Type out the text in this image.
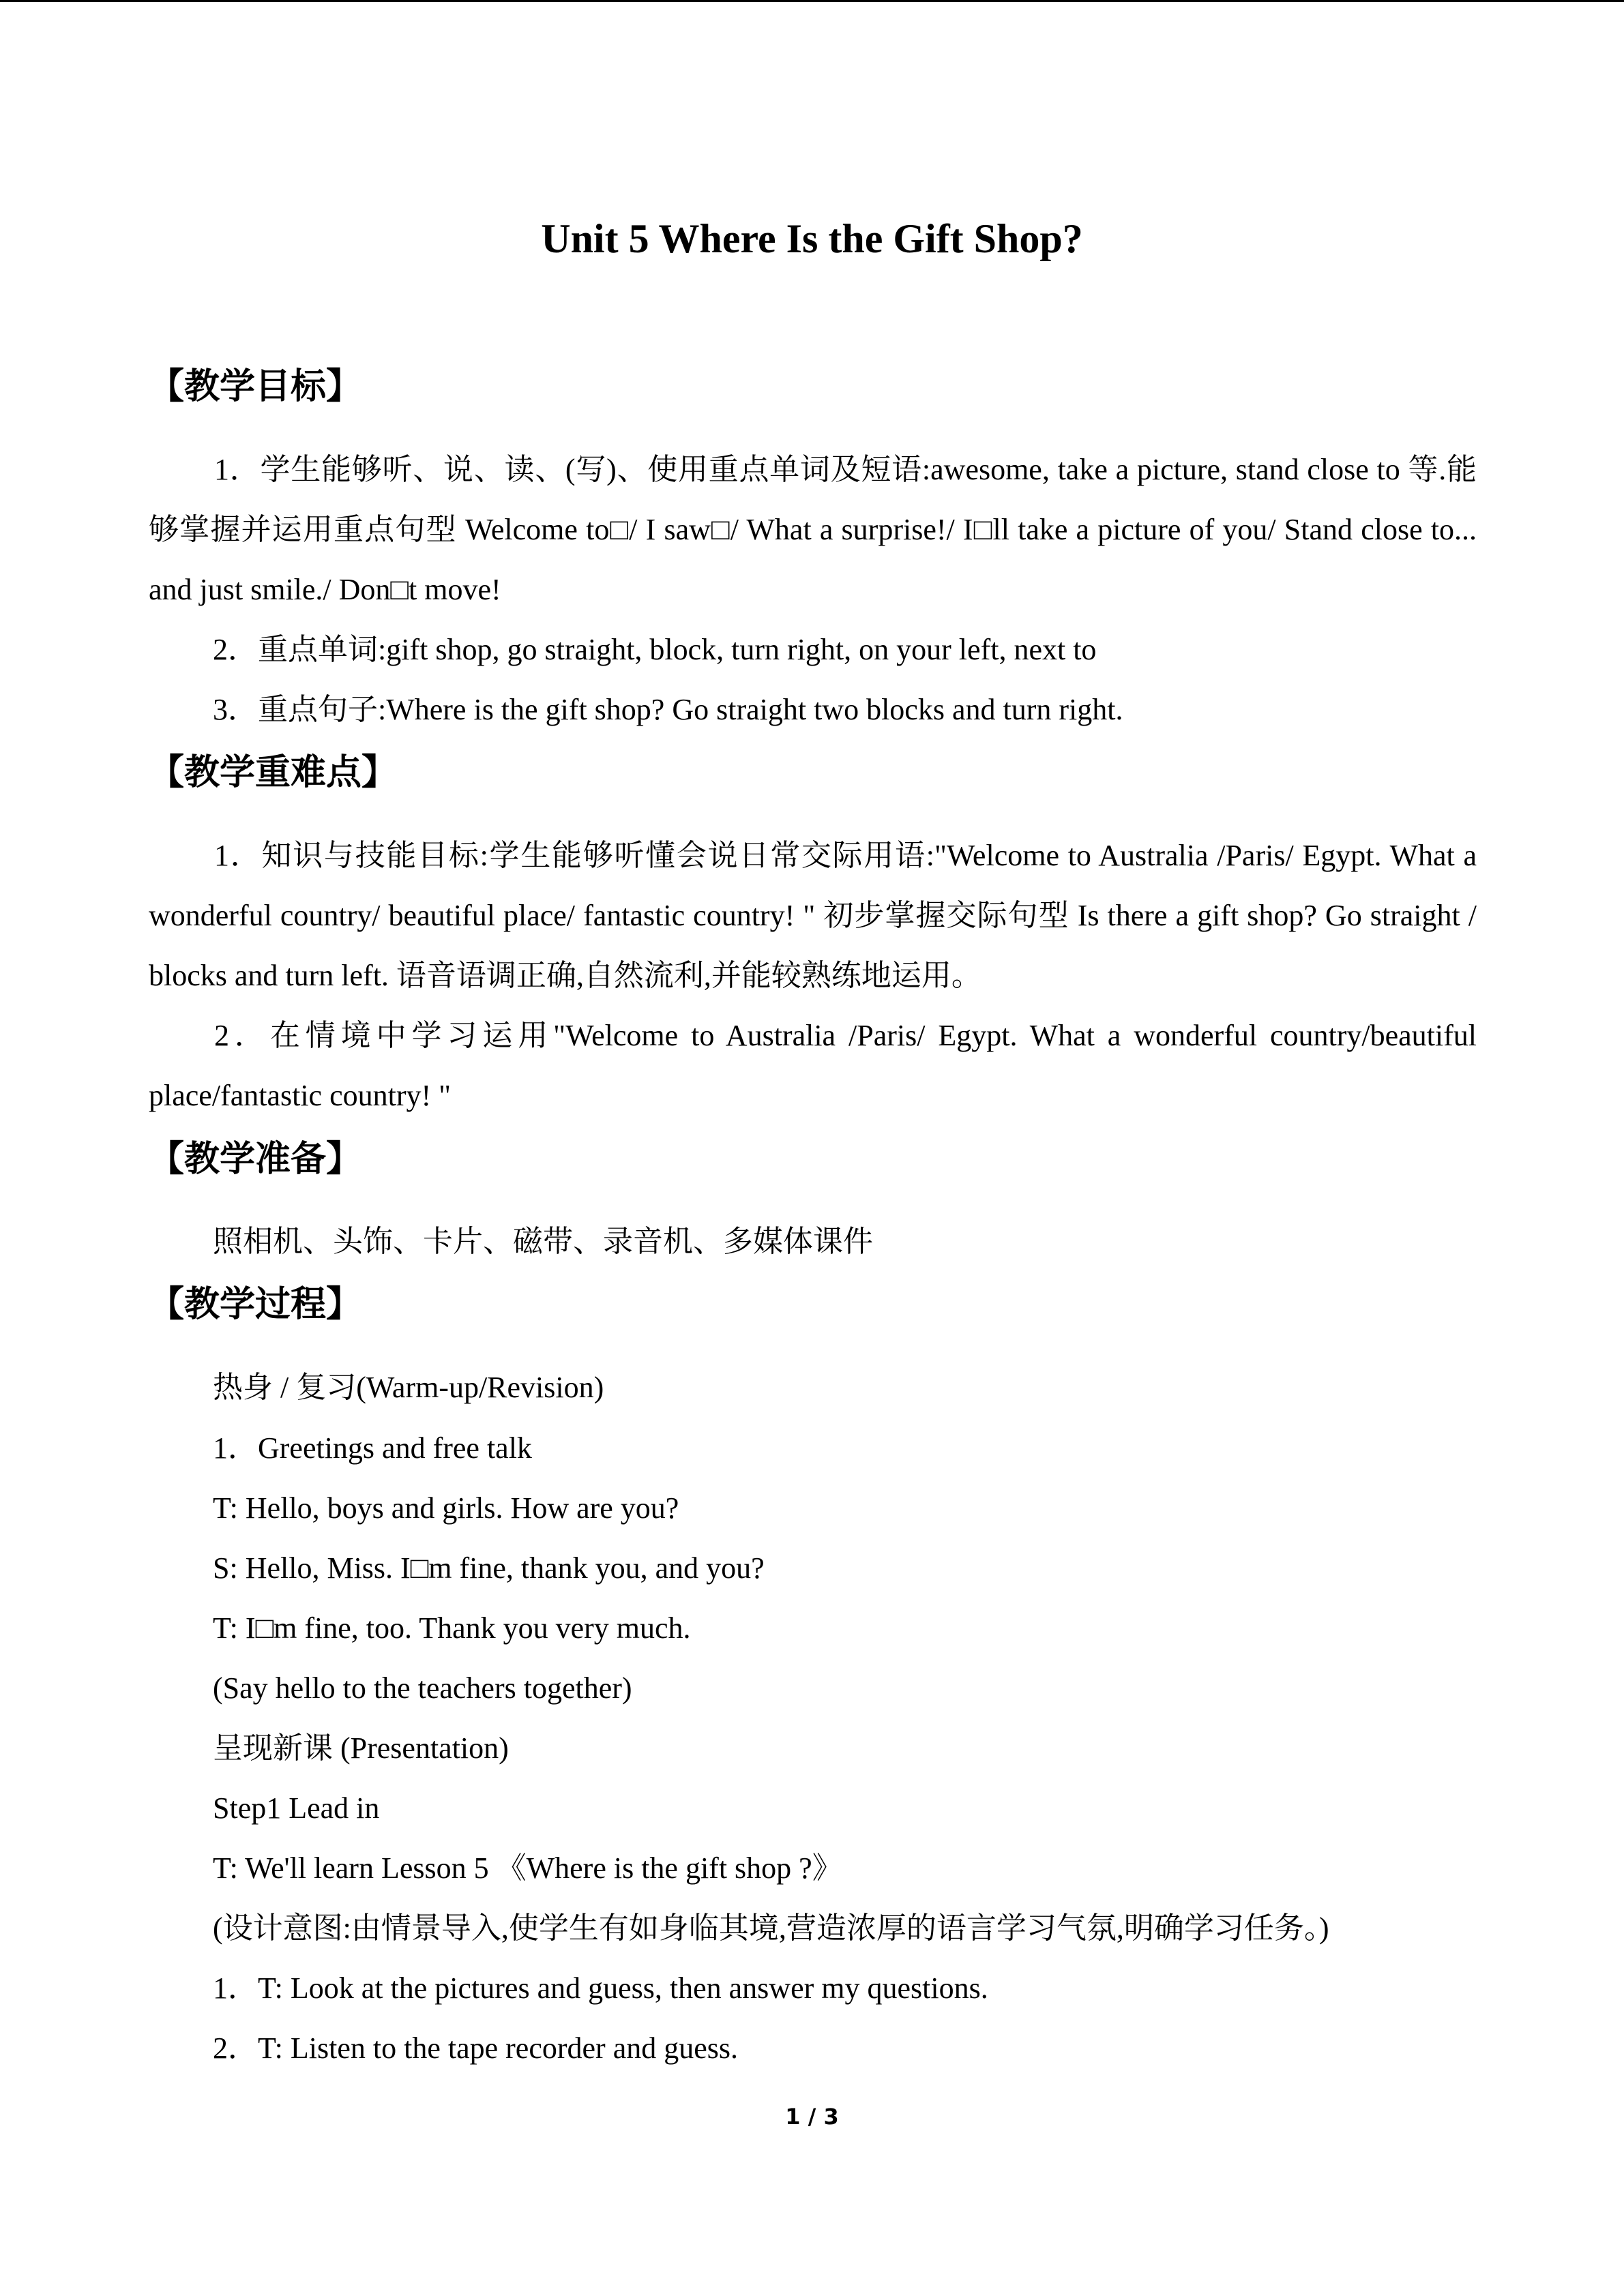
Unit 5 Where Is the Gift Shop?
【教学目标】

1．学生能够听、说、读、(写)、使用重点单词及短语:awesome, take a picture, stand close to 等.能够掌握并运用重点句型 Welcome to□/ I saw□/ What a surprise!/ I□ll take a picture of you/ Stand close to... and just smile./ Don□t move!

2．重点单词:gift shop, go straight, block, turn right, on your left, next to

3．重点句子:Where is the gift shop? Go straight two blocks and turn right.

【教学重难点】

1．知识与技能目标:学生能够听懂会说日常交际用语:"Welcome to Australia /Paris/ Egypt. What a wonderful country/ beautiful place/ fantastic country! " 初步掌握交际句型 Is there a gift shop? Go straight / blocks and turn left. 语音语调正确,自然流利,并能较熟练地运用。

2．在情境中学习运用"Welcome to Australia /Paris/ Egypt. What a wonderful country/beautiful place/fantastic country! "

【教学准备】

照相机、头饰、卡片、磁带、录音机、多媒体课件

【教学过程】

热身 / 复习(Warm-up/Revision)

1．Greetings and free talk

T: Hello, boys and girls. How are you?

S: Hello, Miss. I□m fine, thank you, and you?

T: I□m fine, too. Thank you very much.

(Say hello to the teachers together)

呈现新课 (Presentation)

Step1 Lead in

T: We'll learn Lesson 5 《Where is the gift shop ?》

(设计意图:由情景导入,使学生有如身临其境,营造浓厚的语言学习气氛,明确学习任务。)

1．T: Look at the pictures and guess, then answer my questions.

2．T: Listen to the tape recorder and guess.

1 / 3
